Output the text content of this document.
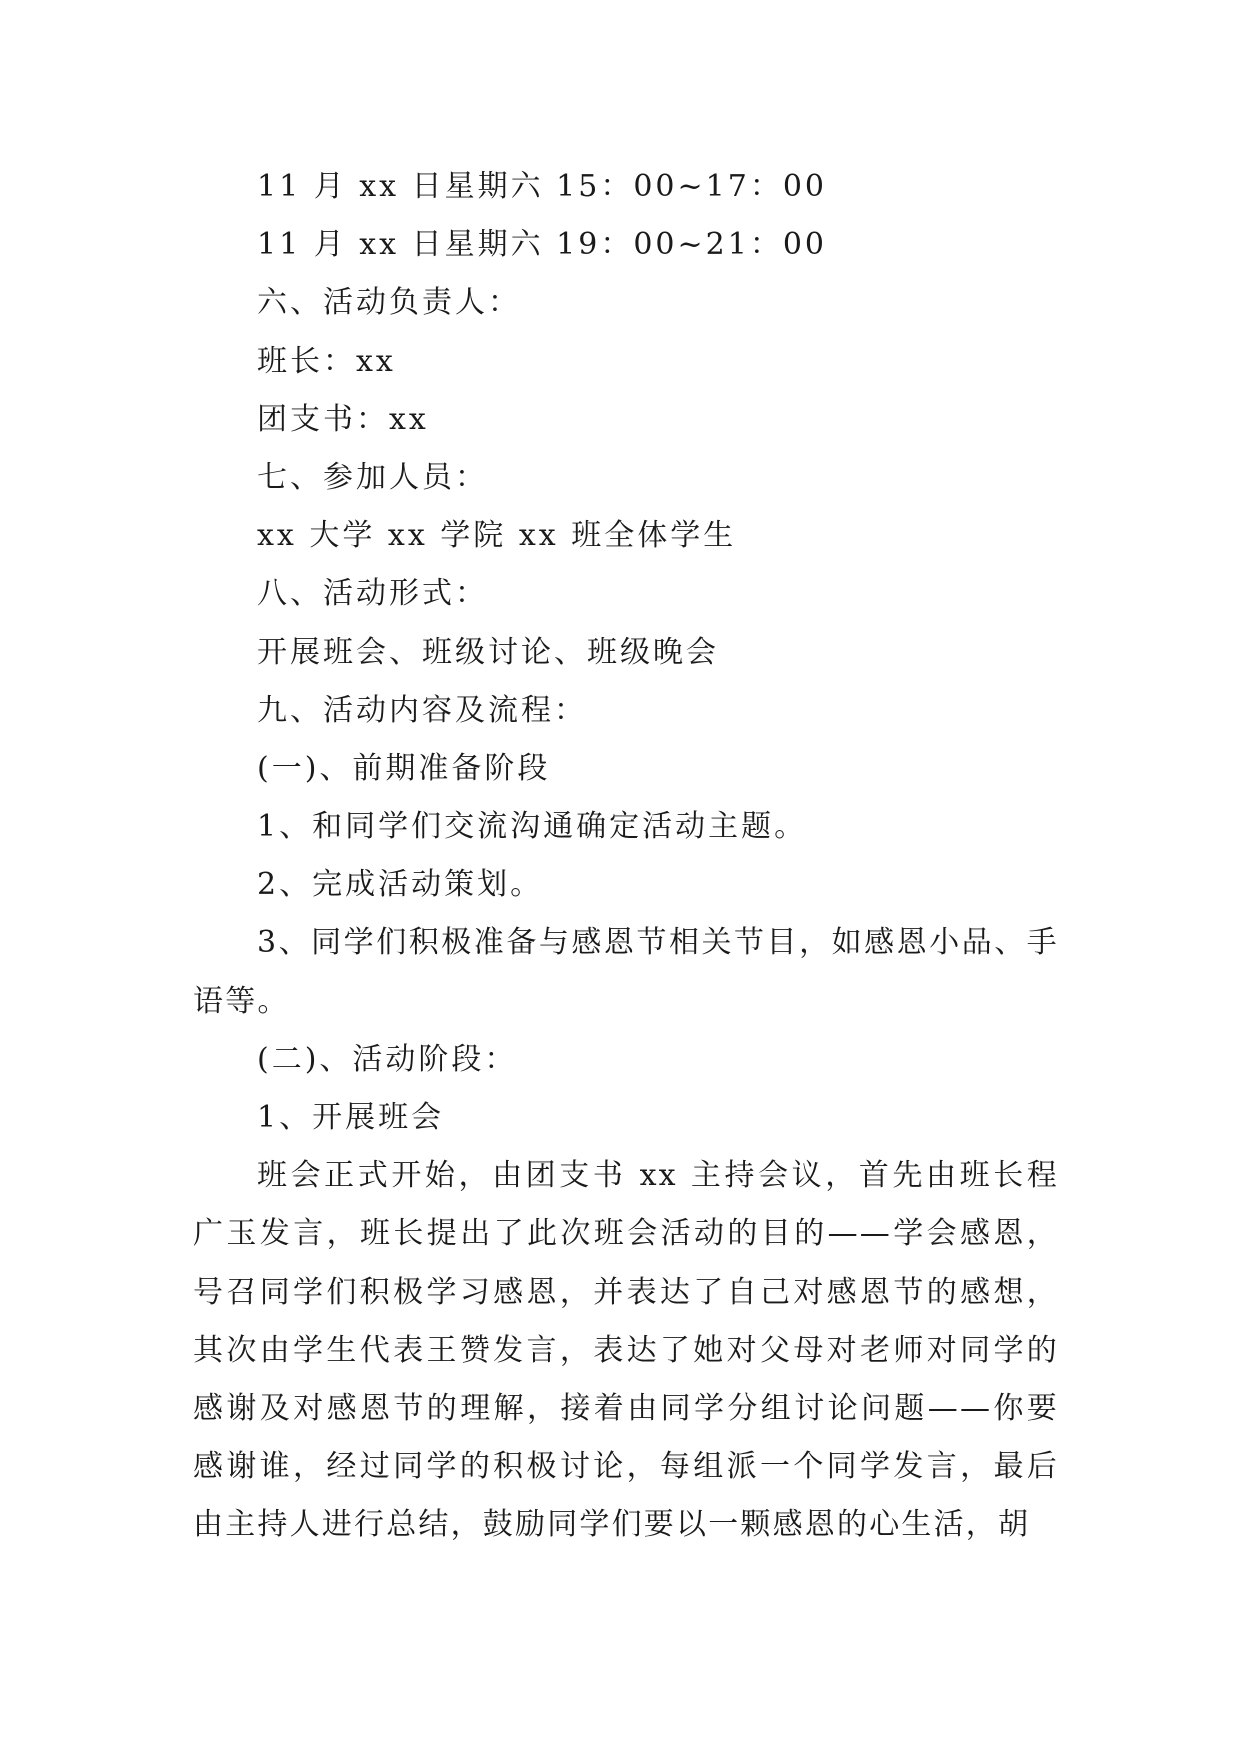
11 月 xx 日星期六 15：00~17：00
11 月 xx 日星期六 19：00~21：00
六、活动负责人：
班长：xx
团支书：xx
七、参加人员：
xx 大学 xx 学院 xx 班全体学生
八、活动形式：
开展班会、班级讨论、班级晚会
九、活动内容及流程：
(一)、前期准备阶段
1、和同学们交流沟通确定活动主题。
2、完成活动策划。

3、同学们积极准备与感恩节相关节目，如感恩小品、手语等。

(二)、活动阶段：
1、开展班会

班会正式开始，由团支书 xx 主持会议，首先由班长程广玉发言，班长提出了此次班会活动的目的——学会感恩，号召同学们积极学习感恩，并表达了自己对感恩节的感想，其次由学生代表王赞发言，表达了她对父母对老师对同学的感谢及对感恩节的理解，接着由同学分组讨论问题——你要感谢谁，经过同学的积极讨论，每组派一个同学发言，最后由主持人进行总结，鼓励同学们要以一颗感恩的心生活，胡
